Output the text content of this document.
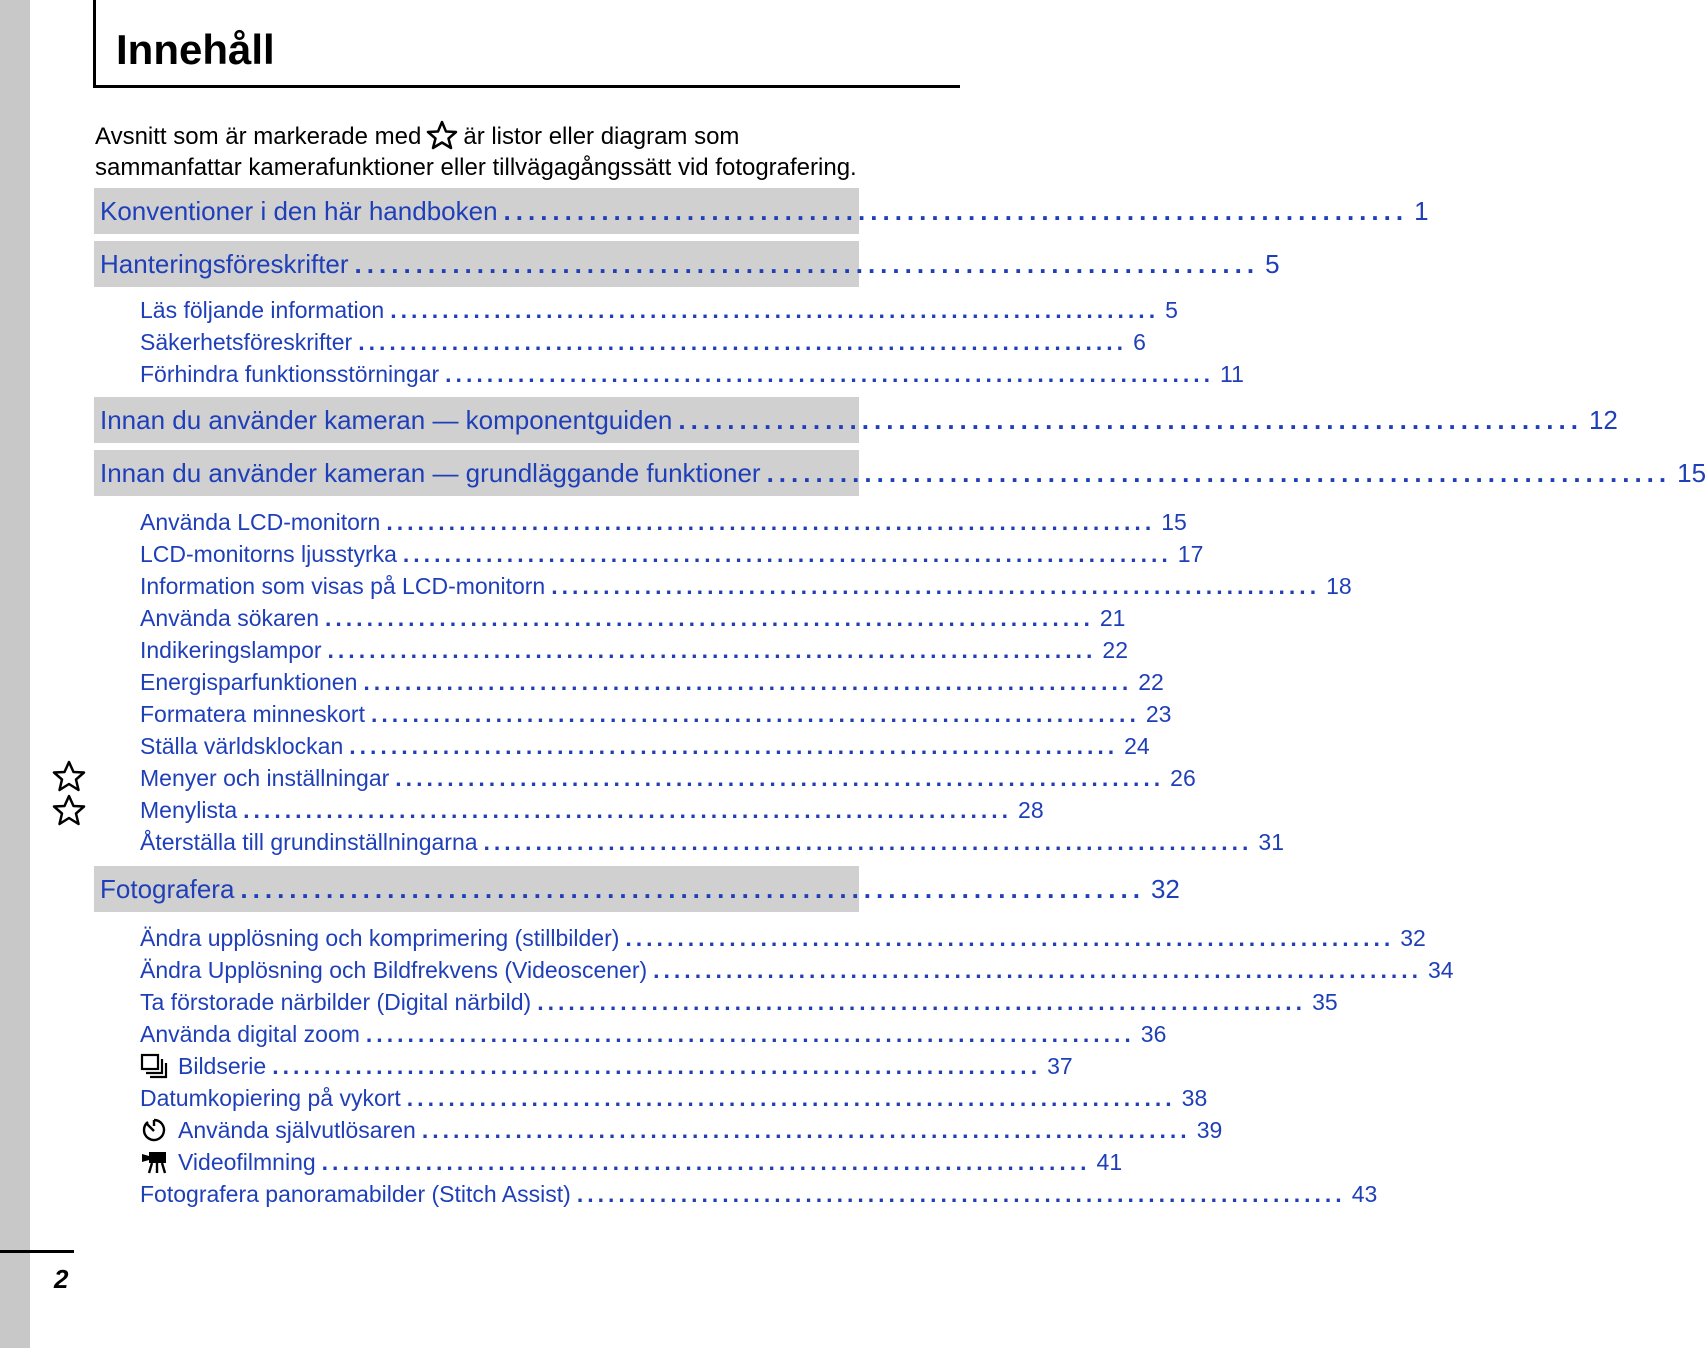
Innehåll
Avsnitt som är markerade med är listor eller diagram som
sammanfattar kamerafunktioner eller tillvägagångssätt vid fotografering.
Konventioner i den här handboken .......................................................................... 1
Hanteringsföreskrifter .......................................................................... 5
Läs följande information .......................................................................... 5
Säkerhetsföreskrifter .......................................................................... 6
Förhindra funktionsstörningar .......................................................................... 11
Innan du använder kameran — komponentguiden .......................................................................... 12
Innan du använder kameran — grundläggande funktioner .......................................................................... 15
Använda LCD-monitorn .......................................................................... 15
LCD-monitorns ljusstyrka .......................................................................... 17
Information som visas på LCD-monitorn .......................................................................... 18
Använda sökaren .......................................................................... 21
Indikeringslampor .......................................................................... 22
Energisparfunktionen .......................................................................... 22
Formatera minneskort .......................................................................... 23
Ställa världsklockan .......................................................................... 24
Menyer och inställningar .......................................................................... 26
Menylista .......................................................................... 28
Återställa till grundinställningarna .......................................................................... 31
Fotografera .......................................................................... 32
Ändra upplösning och komprimering (stillbilder) .......................................................................... 32
Ändra Upplösning och Bildfrekvens (Videoscener) .......................................................................... 34
Ta förstorade närbilder (Digital närbild) .......................................................................... 35
Använda digital zoom .......................................................................... 36
Bildserie .......................................................................... 37
Datumkopiering på vykort .......................................................................... 38
Använda självutlösaren .......................................................................... 39
Videofilmning .......................................................................... 41
Fotografera panoramabilder (Stitch Assist) .......................................................................... 43
2
